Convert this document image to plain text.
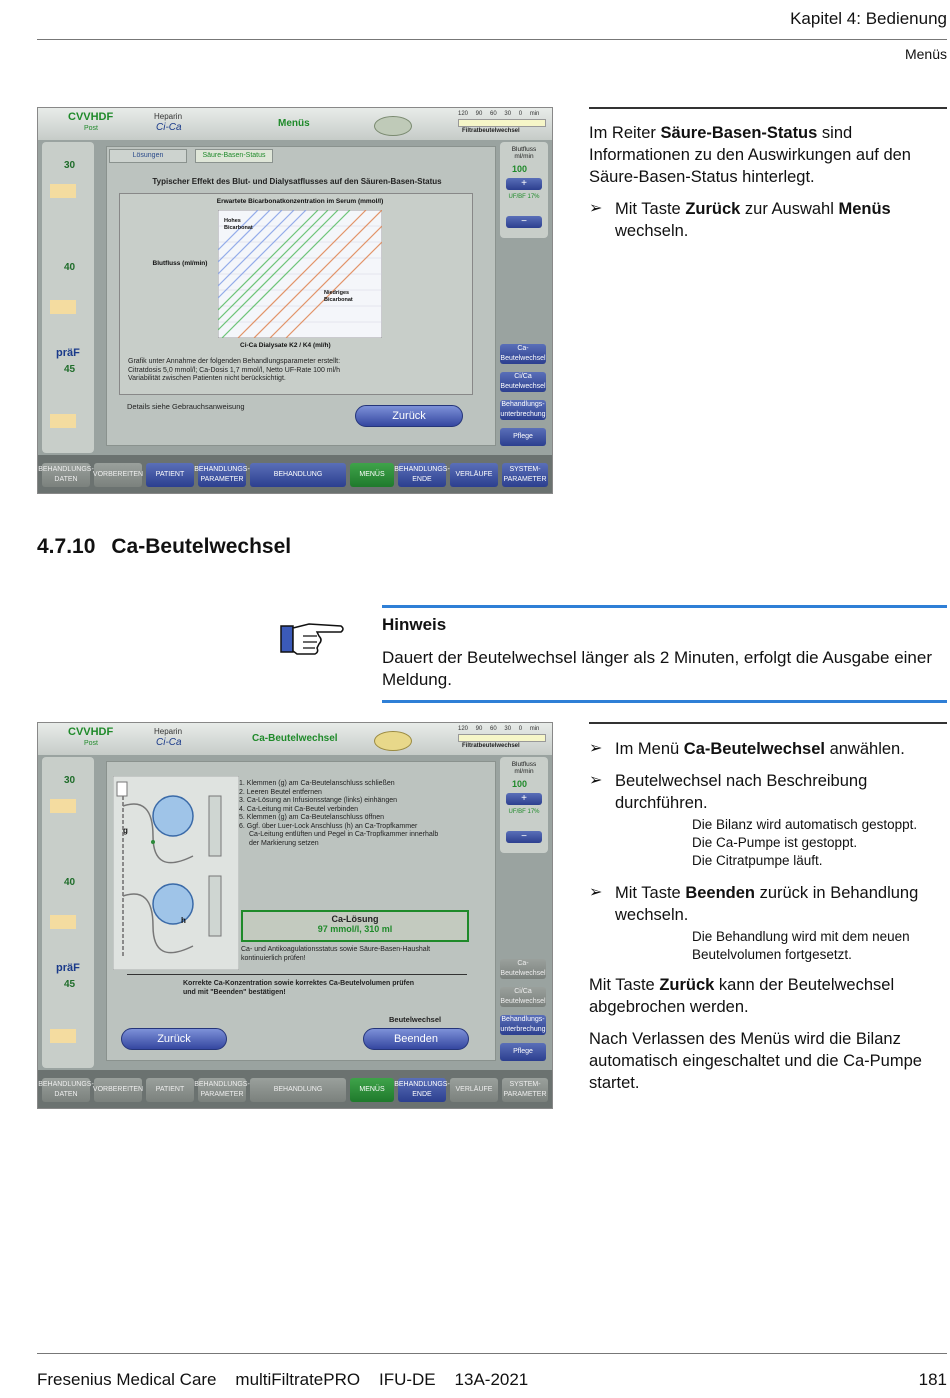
Kapitel 4: Bedienung
Menüs
CVVHDF
Post
Heparin
Ci-Ca	Menüs
120 90 60 30 0 min
Filtratbeutelwechsel
30
40
präF
45
Blutfluss ml/min
100
+
UF/BF 17%
−
Ca-Beutelwechsel
Ci/Ca Beutelwechsel
Behandlungs-unterbrechung
Pflege
Lösungen	Säure-Basen-Status
Typischer Effekt des Blut- und Dialysatflusses auf den Säuren-Basen-Status
Erwartete Bicarbonatkonzentration im Serum (mmol/l)
Blutfluss (ml/min)
Hohes Bicarbonat
Niedriges Bicarbonat
Ci-Ca Dialysate K2 / K4 (ml/h)
Grafik unter Annahme der folgenden Behandlungsparameter erstellt: Citratdosis 5,0 mmol/l; Ca-Dosis 1,7 mmol/l, Netto UF-Rate 100 ml/h Variabilität zwischen Patienten nicht berücksichtigt.
Details siehe Gebrauchsanweisung
Zurück
BEHANDLUNGS-DATEN
VORBEREITEN	PATIENT
BEHANDLUNGS-PARAMETER
BEHANDLUNG	MENÜS
BEHANDLUNGS-ENDE
VERLÄUFE
SYSTEM-PARAMETER
Im Reiter Säure-Basen-Status sind Informationen zu den Auswirkungen auf den Säure-Basen-Status hinterlegt.
➢ Mit Taste Zurück zur Auswahl Menüs wechseln.
4.7.10 Ca-Beutelwechsel
Hinweis
Dauert der Beutelwechsel länger als 2 Minuten, erfolgt die Ausgabe einer Meldung.
CVVHDF
Post
Heparin
Ci-Ca	Ca-Beutelwechsel
120 90 60 30 0 min
Filtratbeutelwechsel
30
40
präF
45
Blutfluss ml/min
100
+
UF/BF 17%
−
Ca-Beutelwechsel
Ci/Ca Beutelwechsel
Behandlungs-unterbrechung
Pflege
g
h
1. Klemmen (g) am Ca-Beutelanschluss schließen
2. Leeren Beutel entfernen
3. Ca-Lösung an Infusionsstange (links) einhängen
4. Ca-Leitung mit Ca-Beutel verbinden
5. Klemmen (g) am Ca-Beutelanschluss öffnen
6. Ggf. über Luer-Lock Anschluss (h) an Ca-Tropfkammer
Ca-Leitung entlüften und Pegel in Ca-Tropfkammer innerhalb
der Markierung setzen
Ca-Lösung
97 mmol/l, 310 ml
Ca- und Antikoagulationsstatus sowie Säure-Basen-Haushalt kontinuierlich prüfen!
Korrekte Ca-Konzentration sowie korrektes Ca-Beutelvolumen prüfen und mit "Beenden" bestätigen!
Beutelwechsel
Zurück	Beenden
BEHANDLUNGS-DATEN
VORBEREITEN	PATIENT
BEHANDLUNGS-PARAMETER
BEHANDLUNG	MENÜS
BEHANDLUNGS-ENDE
VERLÄUFE
SYSTEM-PARAMETER
➢ Im Menü Ca-Beutelwechsel anwählen.
➢ Beutelwechsel nach Beschreibung durchführen.
Die Bilanz wird automatisch gestoppt.
Die Ca-Pumpe ist gestoppt.
Die Citratpumpe läuft.
➢ Mit Taste Beenden zurück in Behandlung wechseln.
Die Behandlung wird mit dem neuen Beutelvolumen fortgesetzt.
Mit Taste Zurück kann der Beutelwechsel abgebrochen werden.
Nach Verlassen des Menüs wird die Bilanz automatisch eingeschaltet und die Ca-Pumpe startet.
Fresenius Medical Care    multiFiltratePRO    IFU-DE    13A-2021	181
